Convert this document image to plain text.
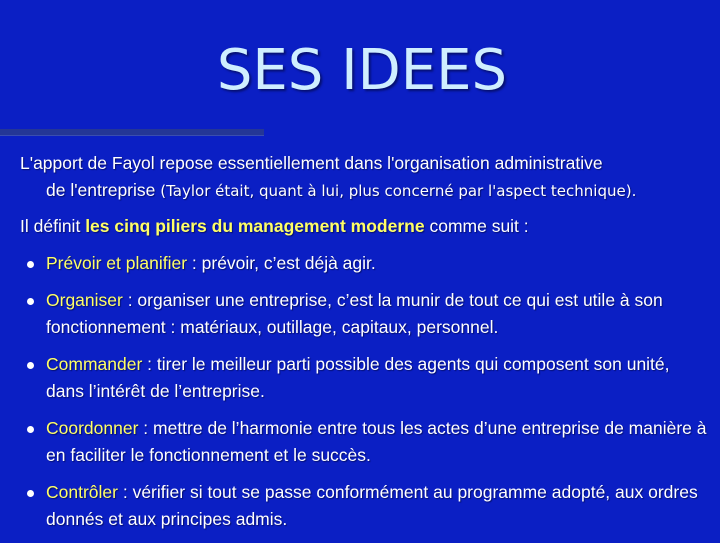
SES IDEES

L'apport de Fayol repose essentiellement dans l'organisation administrative
de l'entreprise (Taylor était, quant à lui, plus concerné par l'aspect technique).

Il définit les cinq piliers du management moderne comme suit :

Prévoir et planifier : prévoir, c’est déjà agir.
Organiser : organiser une entreprise, c’est la munir de tout ce qui est utile à son fonctionnement : matériaux, outillage, capitaux, personnel.
Commander : tirer le meilleur parti possible des agents qui composent son unité, dans l’intérêt de l’entreprise.
Coordonner : mettre de l’harmonie entre tous les actes d’une entreprise de manière à en faciliter le fonctionnement et le succès.
Contrôler : vérifier si tout se passe conformément au programme adopté, aux ordres donnés et aux principes admis.
